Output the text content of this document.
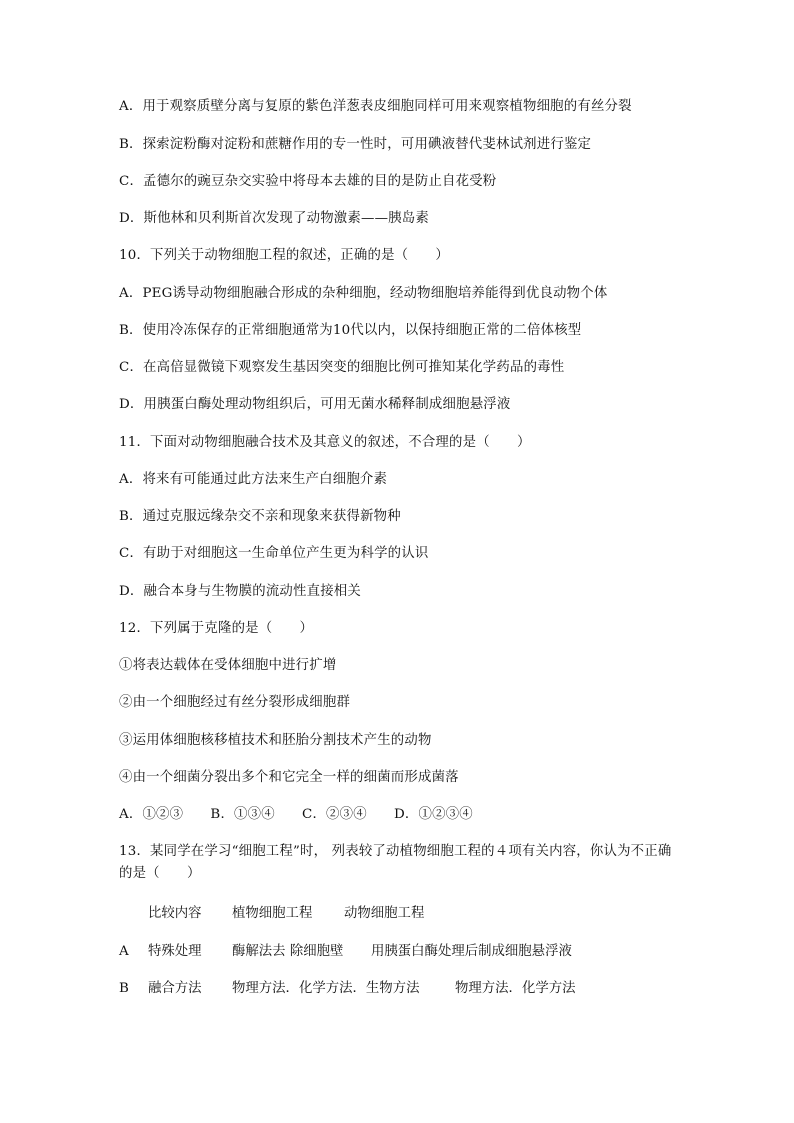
A．用于观察质壁分离与复原的紫色洋葱表皮细胞同样可用来观察植物细胞的有丝分裂
B．探索淀粉酶对淀粉和蔗糖作用的专一性时，可用碘液替代斐林试剂进行鉴定
C．孟德尔的豌豆杂交实验中将母本去雄的目的是防止自花受粉
D．斯他林和贝利斯首次发现了动物激素——胰岛素
10．下列关于动物细胞工程的叙述，正确的是（　　）
A．PEG诱导动物细胞融合形成的杂种细胞，经动物细胞培养能得到优良动物个体
B．使用冷冻保存的正常细胞通常为10代以内，以保持细胞正常的二倍体核型
C．在高倍显微镜下观察发生基因突变的细胞比例可推知某化学药品的毒性
D．用胰蛋白酶处理动物组织后，可用无菌水稀释制成细胞悬浮液
11．下面对动物细胞融合技术及其意义的叙述，不合理的是（　　）
A．将来有可能通过此方法来生产白细胞介素
B．通过克服远缘杂交不亲和现象来获得新物种
C．有助于对细胞这一生命单位产生更为科学的认识
D．融合本身与生物膜的流动性直接相关
12．下列属于克隆的是（　　）
①将表达载体在受体细胞中进行扩增
②由一个细胞经过有丝分裂形成细胞群
③运用体细胞核移植技术和胚胎分割技术产生的动物
④由一个细菌分裂出多个和它完全一样的细菌而形成菌落
A．①②③　　B．①③④　　C．②③④　　D．①②③④
13．某同学在学习“细胞工程”时， 列表较了动植物细胞工程的４项有关内容，你认为不正确的是（　　）
比较内容 植物细胞工程 动物细胞工程
A 特殊处理 酶解法去 除细胞壁 用胰蛋白酶处理后制成细胞悬浮液
B 融合方法 物理方法．化学方法．生物方法	物理方法．化学方法
